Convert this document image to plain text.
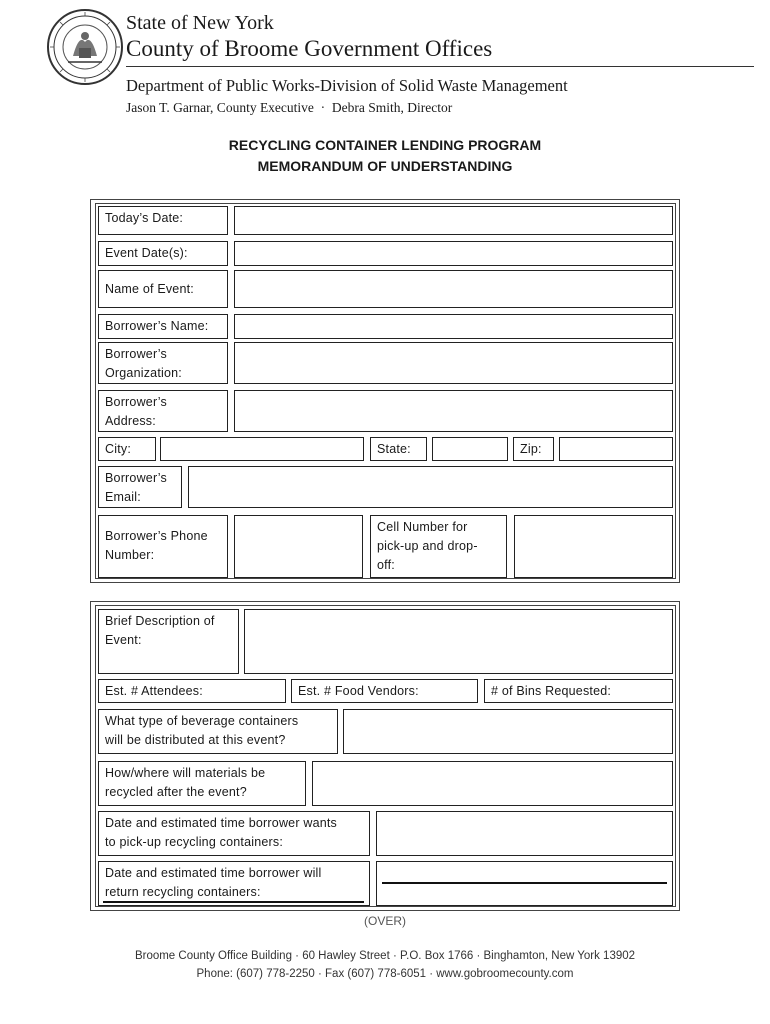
State of New York
County of Broome Government Offices
Department of Public Works-Division of Solid Waste Management
Jason T. Garnar, County Executive  ·  Debra Smith, Director
RECYCLING CONTAINER LENDING PROGRAM
MEMORANDUM OF UNDERSTANDING
Today’s Date:
Event Date(s):
Name of Event:
Borrower’s Name:
Borrower’s
Organization:
Borrower’s
Address:
City:	State:	Zip:
Borrower’s
Email:
Borrower’s Phone
Number:
Cell Number for
pick-up and drop-
off:
Brief Description of
Event:
Est. # Attendees:	Est. # Food Vendors:	# of Bins Requested:
What type of beverage containers
will be distributed at this event?
How/where will materials be
recycled after the event?
Date and estimated time borrower wants
to pick-up recycling containers:
Date and estimated time borrower will
return recycling containers:
(OVER)
Broome County Office Building · 60 Hawley Street · P.O. Box 1766 · Binghamton, New York 13902
Phone: (607) 778-2250 · Fax (607) 778-6051 · www.gobroomecounty.com
